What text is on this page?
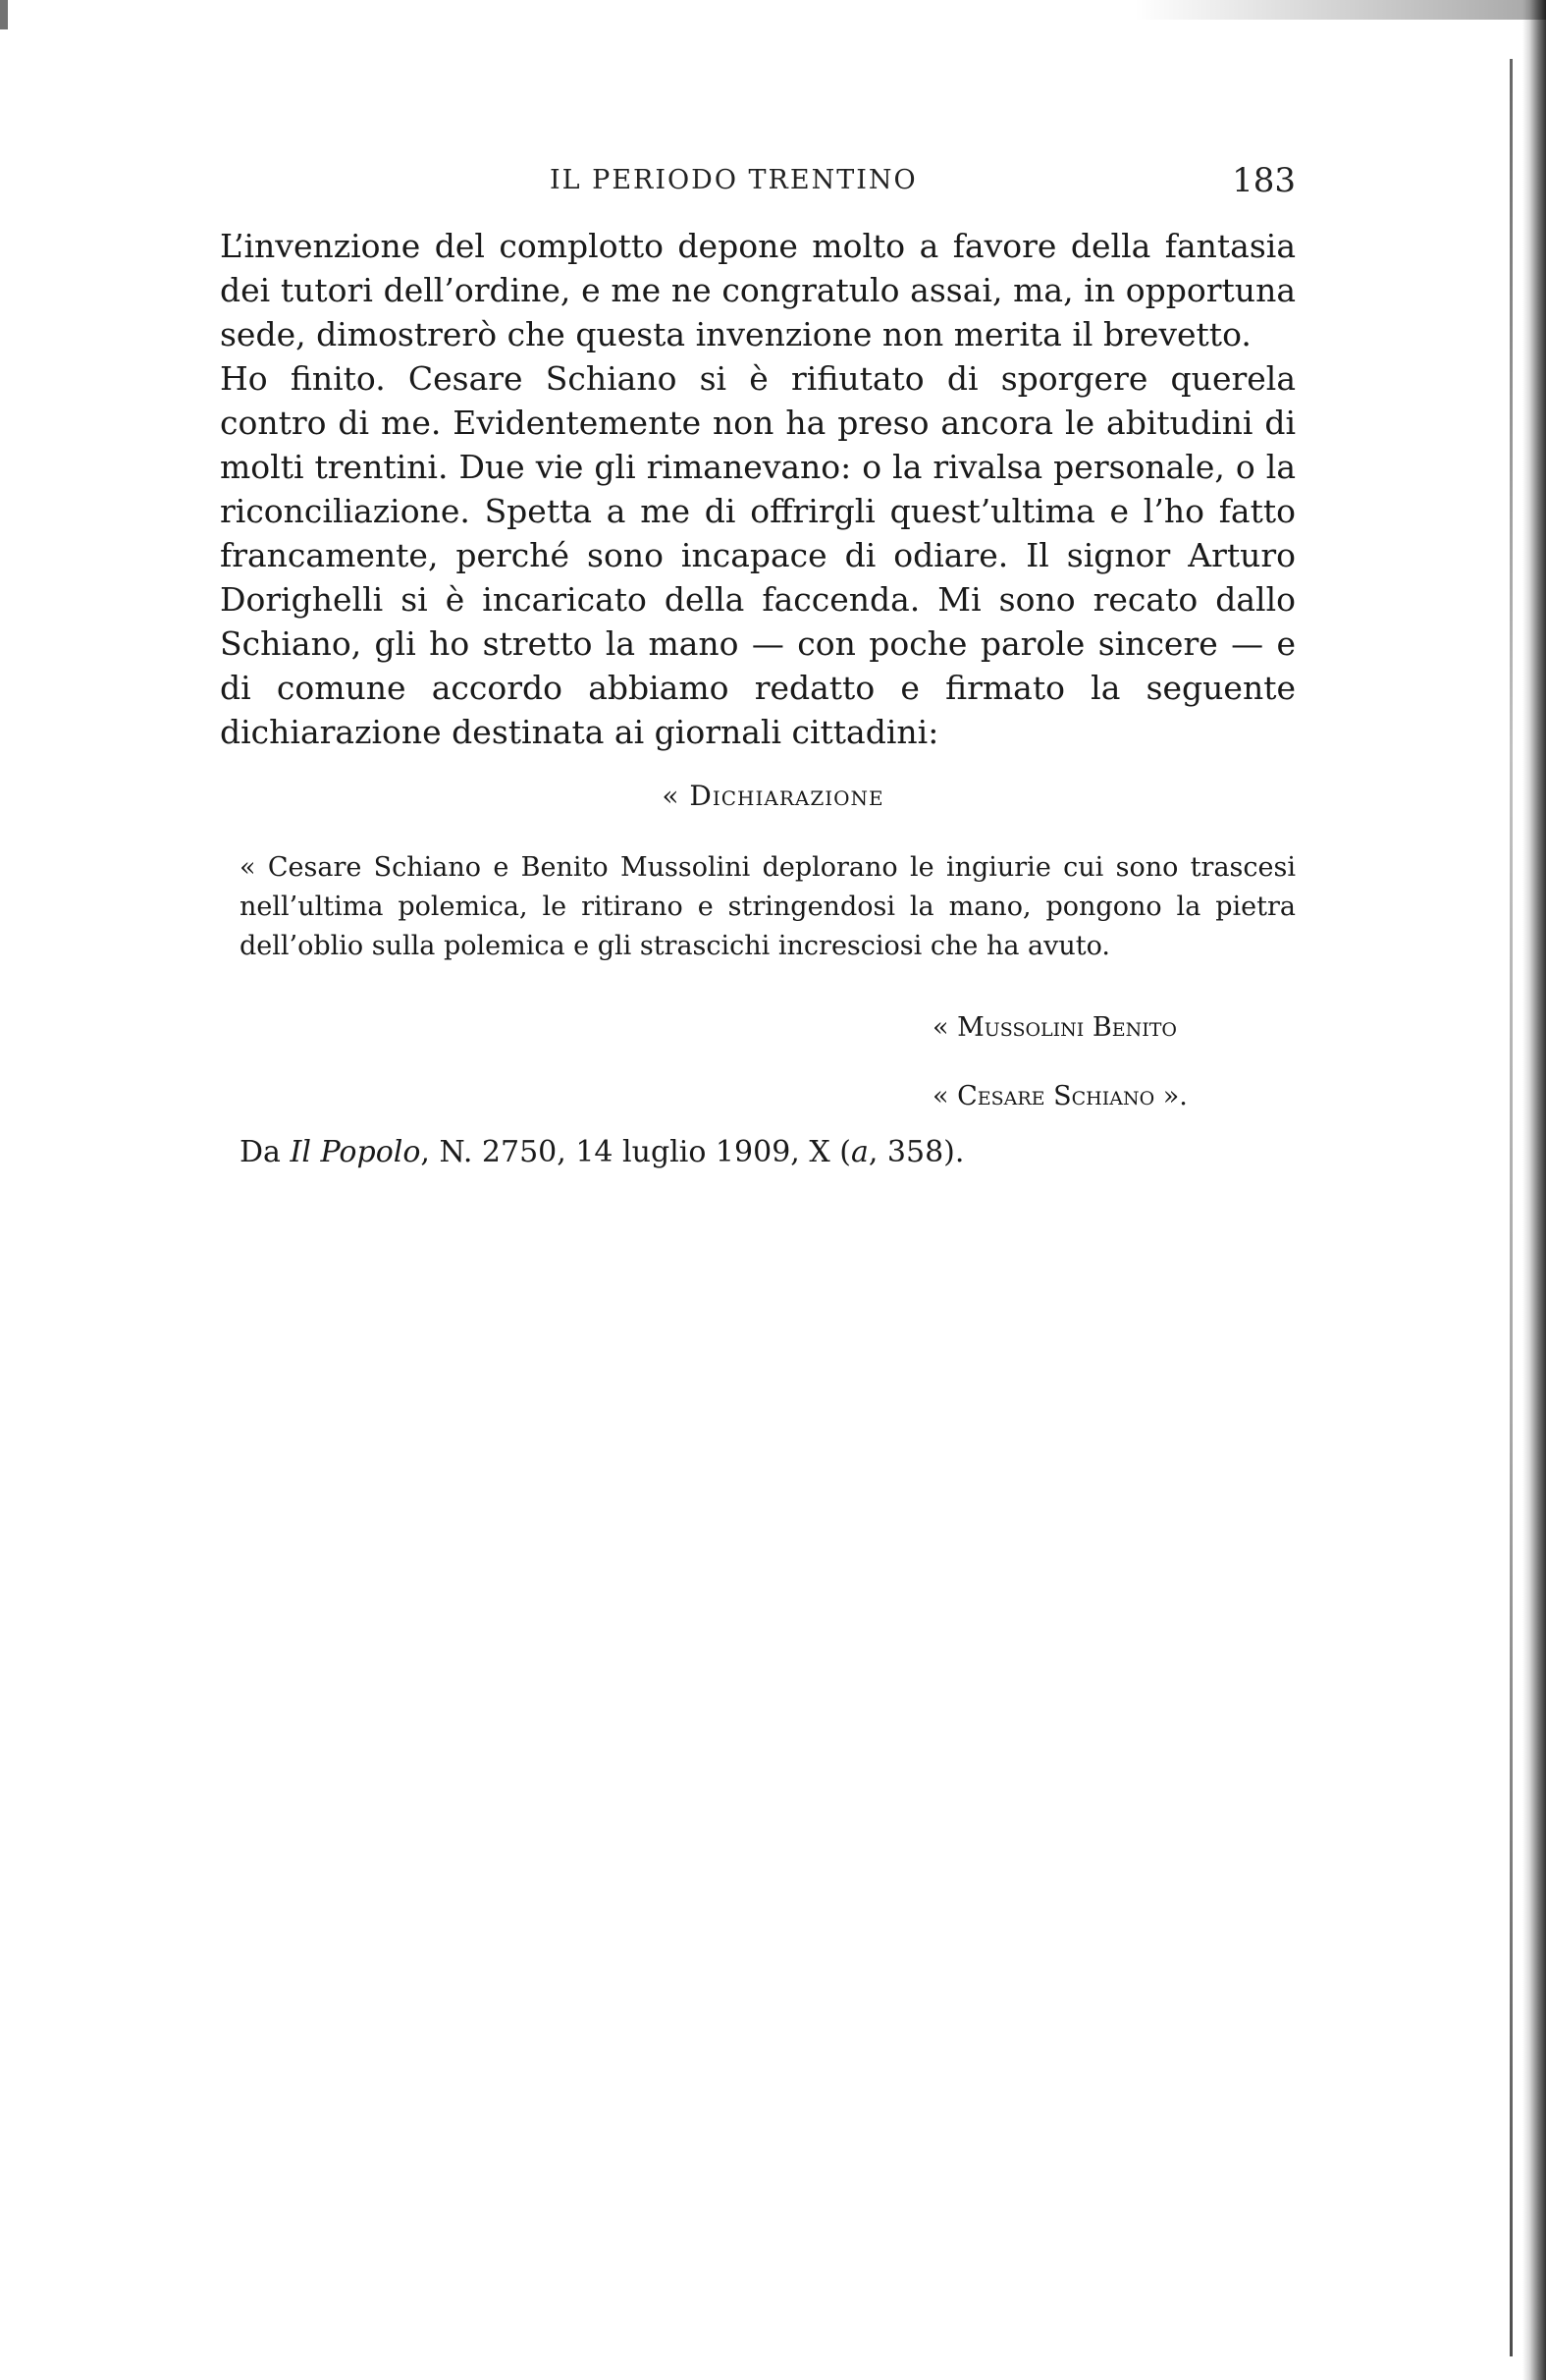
IL PERIODO TRENTINO	183

L’invenzione del complotto depone molto a favore della fantasia dei tutori dell’ordine, e me ne congratulo assai, ma, in opportuna sede, dimostrerò che questa invenzione non merita il brevetto.

Ho finito. Cesare Schiano si è rifiutato di sporgere querela contro di me. Evidentemente non ha preso ancora le abitudini di molti trentini. Due vie gli rimanevano: o la rivalsa personale, o la riconciliazione. Spetta a me di offrirgli quest’ultima e l’ho fatto francamente, perché sono incapace di odiare. Il signor Arturo Dorighelli si è incaricato della faccenda. Mi sono recato dallo Schiano, gli ho stretto la mano — con poche parole sincere — e di comune accordo abbiamo redatto e firmato la seguente dichiarazione destinata ai giornali cittadini:

« Dichiarazione
« Cesare Schiano e Benito Mussolini deplorano le ingiurie cui sono trascesi nell’ultima polemica, le ritirano e stringendosi la mano, pongono la pietra dell’oblio sulla polemica e gli strascichi incresciosi che ha avuto.
« Mussolini Benito
« Cesare Schiano ».
Da Il Popolo, N. 2750, 14 luglio 1909, X (a, 358).
